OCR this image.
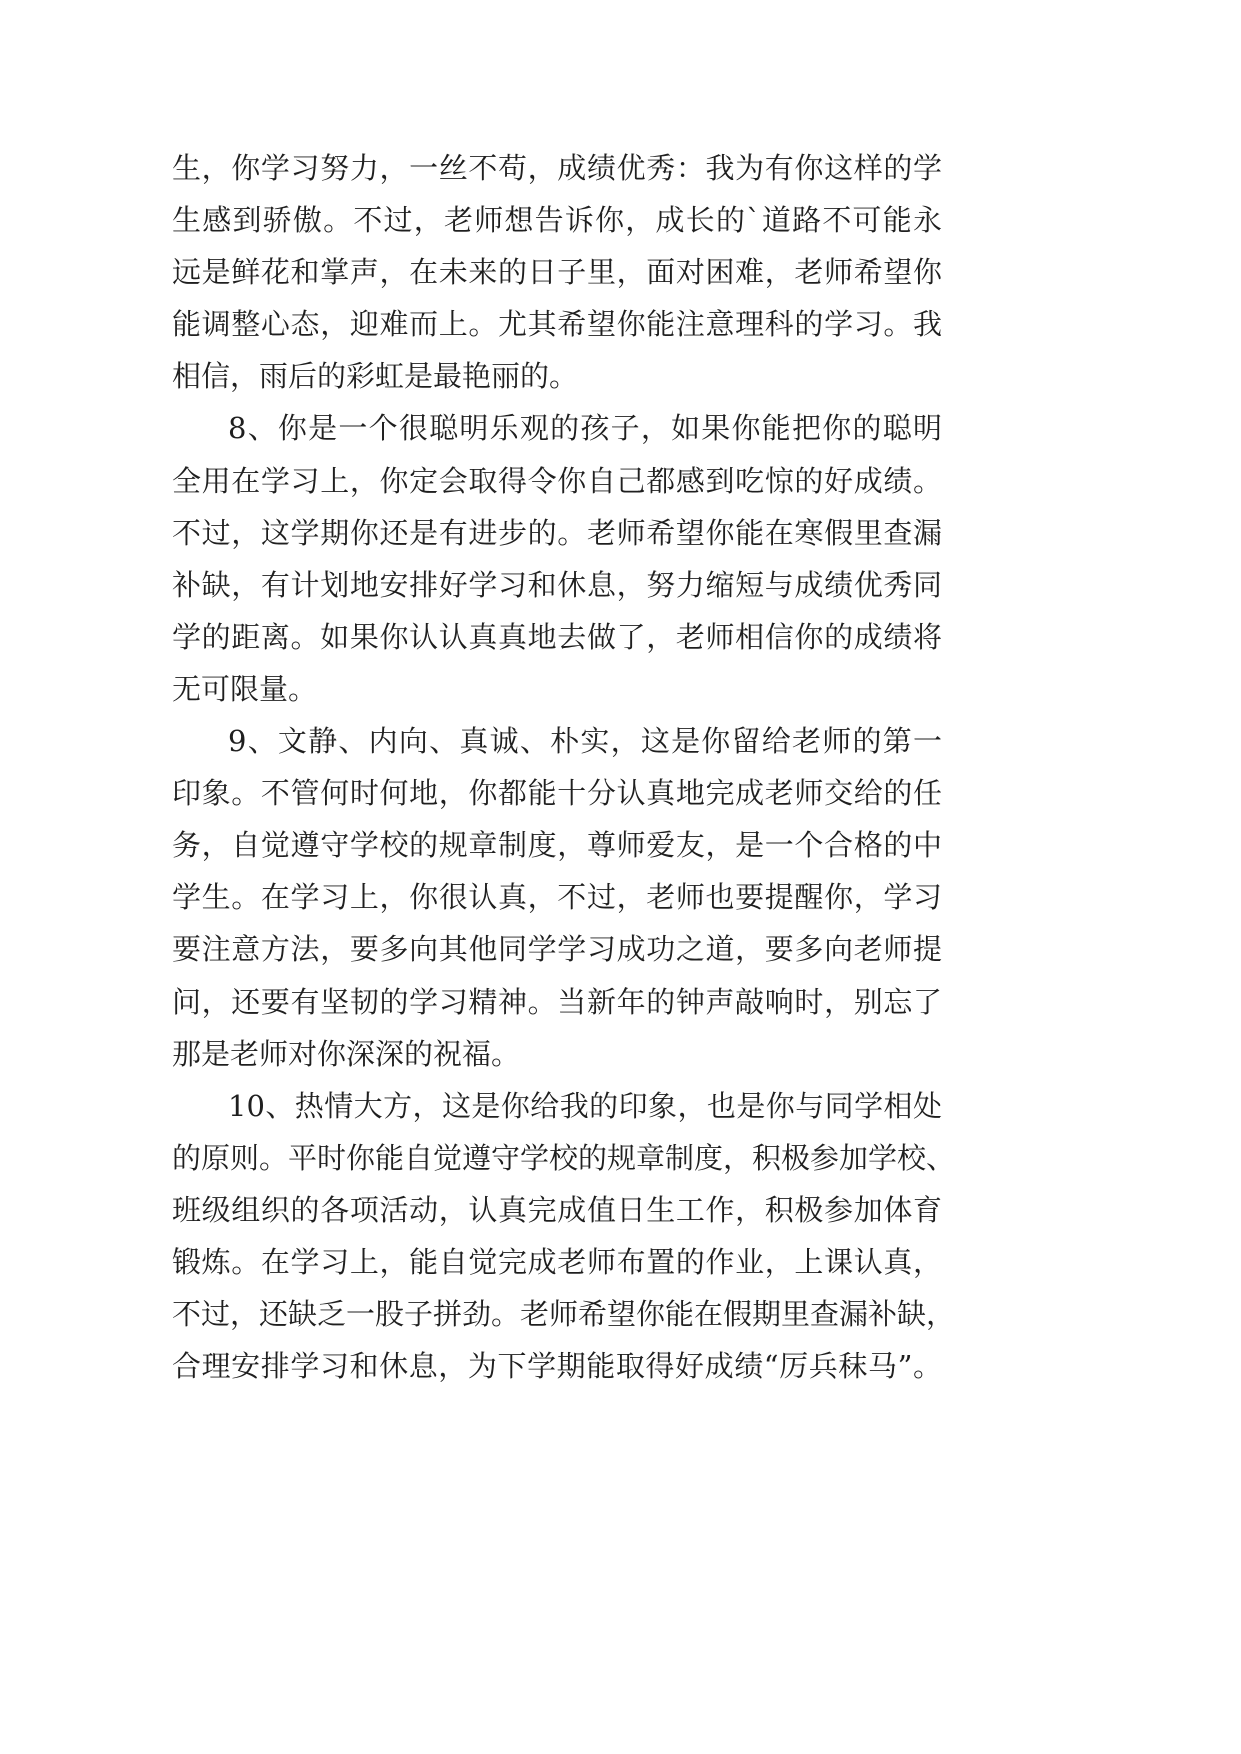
生，你学习努力，一丝不苟，成绩优秀：我为有你这样的学
生感到骄傲。不过，老师想告诉你，成长的`道路不可能永
远是鲜花和掌声，在未来的日子里，面对困难，老师希望你
能调整心态，迎难而上。尤其希望你能注意理科的学习。我
相信，雨后的彩虹是最艳丽的。
8、你是一个很聪明乐观的孩子，如果你能把你的聪明
全用在学习上，你定会取得令你自己都感到吃惊的好成绩。
不过，这学期你还是有进步的。老师希望你能在寒假里查漏
补缺，有计划地安排好学习和休息，努力缩短与成绩优秀同
学的距离。如果你认认真真地去做了，老师相信你的成绩将
无可限量。
9、文静、内向、真诚、朴实，这是你留给老师的第一
印象。不管何时何地，你都能十分认真地完成老师交给的任
务，自觉遵守学校的规章制度，尊师爱友，是一个合格的中
学生。在学习上，你很认真，不过，老师也要提醒你，学习
要注意方法，要多向其他同学学习成功之道，要多向老师提
问，还要有坚韧的学习精神。当新年的钟声敲响时，别忘了
那是老师对你深深的祝福。
10、热情大方，这是你给我的印象，也是你与同学相处
的原则。平时你能自觉遵守学校的规章制度，积极参加学校、
班级组织的各项活动，认真完成值日生工作，积极参加体育
锻炼。在学习上，能自觉完成老师布置的作业，上课认真，
不过，还缺乏一股子拼劲。老师希望你能在假期里查漏补缺，
合理安排学习和休息，为下学期能取得好成绩“厉兵秣马”。
